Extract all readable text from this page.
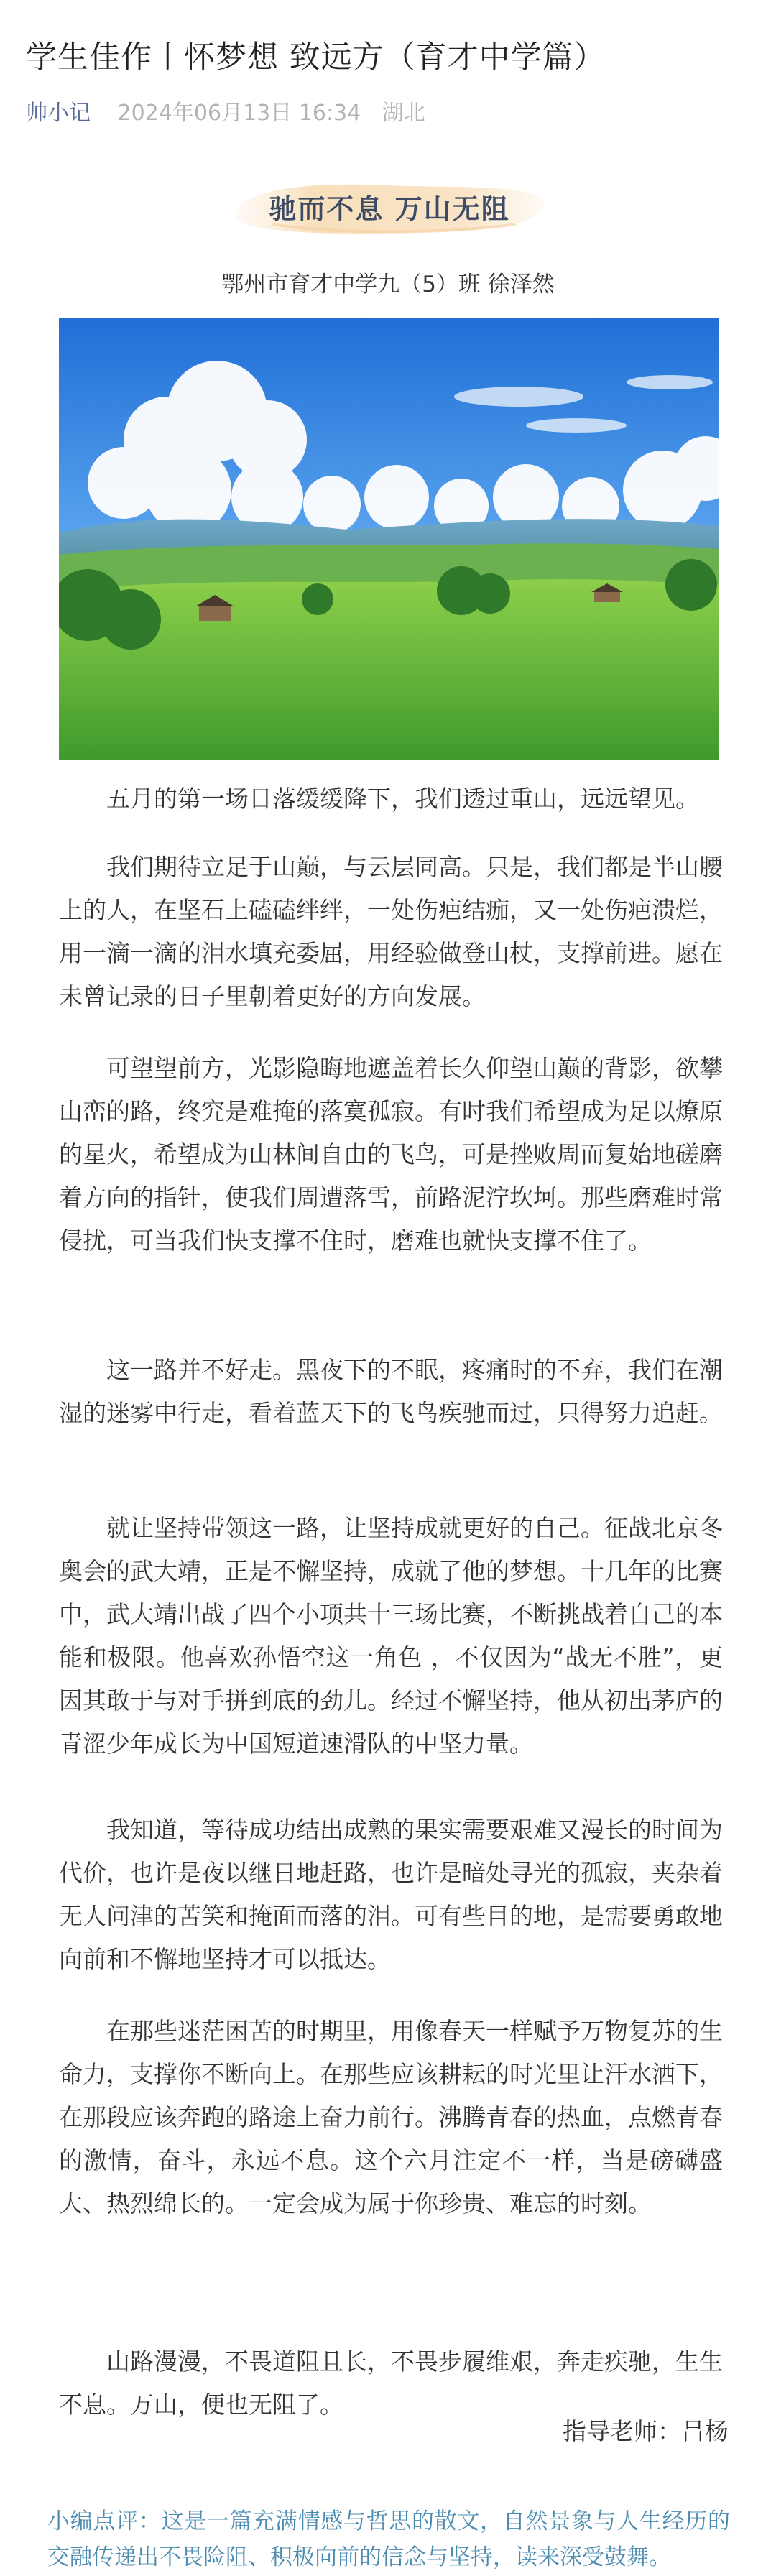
学生佳作丨怀梦想 致远方（育才中学篇）
帅小记 2024年06月13日 16:34 湖北
驰而不息 万山无阻
鄂州市育才中学九（5）班 徐泽然

五月的第一场日落缓缓降下，我们透过重山，远远望见。

我们期待立足于山巅，与云层同高。只是，我们都是半山腰上的人，在坚石上磕磕绊绊，一处伤疤结痂，又一处伤疤溃烂，用一滴一滴的泪水填充委屈，用经验做登山杖，支撑前进。愿在未曾记录的日子里朝着更好的方向发展。

可望望前方，光影隐晦地遮盖着长久仰望山巅的背影，欲攀山峦的路，终究是难掩的落寞孤寂。有时我们希望成为足以燎原的星火，希望成为山林间自由的飞鸟，可是挫败周而复始地磋磨着方向的指针，使我们周遭落雪，前路泥泞坎坷。那些磨难时常侵扰，可当我们快支撑不住时，磨难也就快支撑不住了。

这一路并不好走。黑夜下的不眠，疼痛时的不弃，我们在潮湿的迷雾中行走，看着蓝天下的飞鸟疾驰而过，只得努力追赶。

就让坚持带领这一路，让坚持成就更好的自己。征战北京冬奥会的武大靖，正是不懈坚持，成就了他的梦想。十几年的比赛中，武大靖出战了四个小项共十三场比赛，不断挑战着自己的本能和极限。他喜欢孙悟空这一角色 ，不仅因为“战无不胜”，更因其敢于与对手拼到底的劲儿。经过不懈坚持，他从初出茅庐的青涩少年成长为中国短道速滑队的中坚力量。

我知道，等待成功结出成熟的果实需要艰难又漫长的时间为代价，也许是夜以继日地赶路，也许是暗处寻光的孤寂，夹杂着无人问津的苦笑和掩面而落的泪。可有些目的地，是需要勇敢地向前和不懈地坚持才可以抵达。

在那些迷茫困苦的时期里，用像春天一样赋予万物复苏的生命力，支撑你不断向上。在那些应该耕耘的时光里让汗水洒下，在那段应该奔跑的路途上奋力前行。沸腾青春的热血，点燃青春的激情，奋斗，永远不息。这个六月注定不一样，当是磅礴盛大、热烈绵长的。一定会成为属于你珍贵、难忘的时刻。

山路漫漫，不畏道阻且长，不畏步履维艰，奔走疾驰，生生不息。万山，便也无阻了。

指导老师：吕杨

小编点评：这是一篇充满情感与哲思的散文，自然景象与人生经历的交融传递出不畏险阻、积极向前的信念与坚持，读来深受鼓舞。
